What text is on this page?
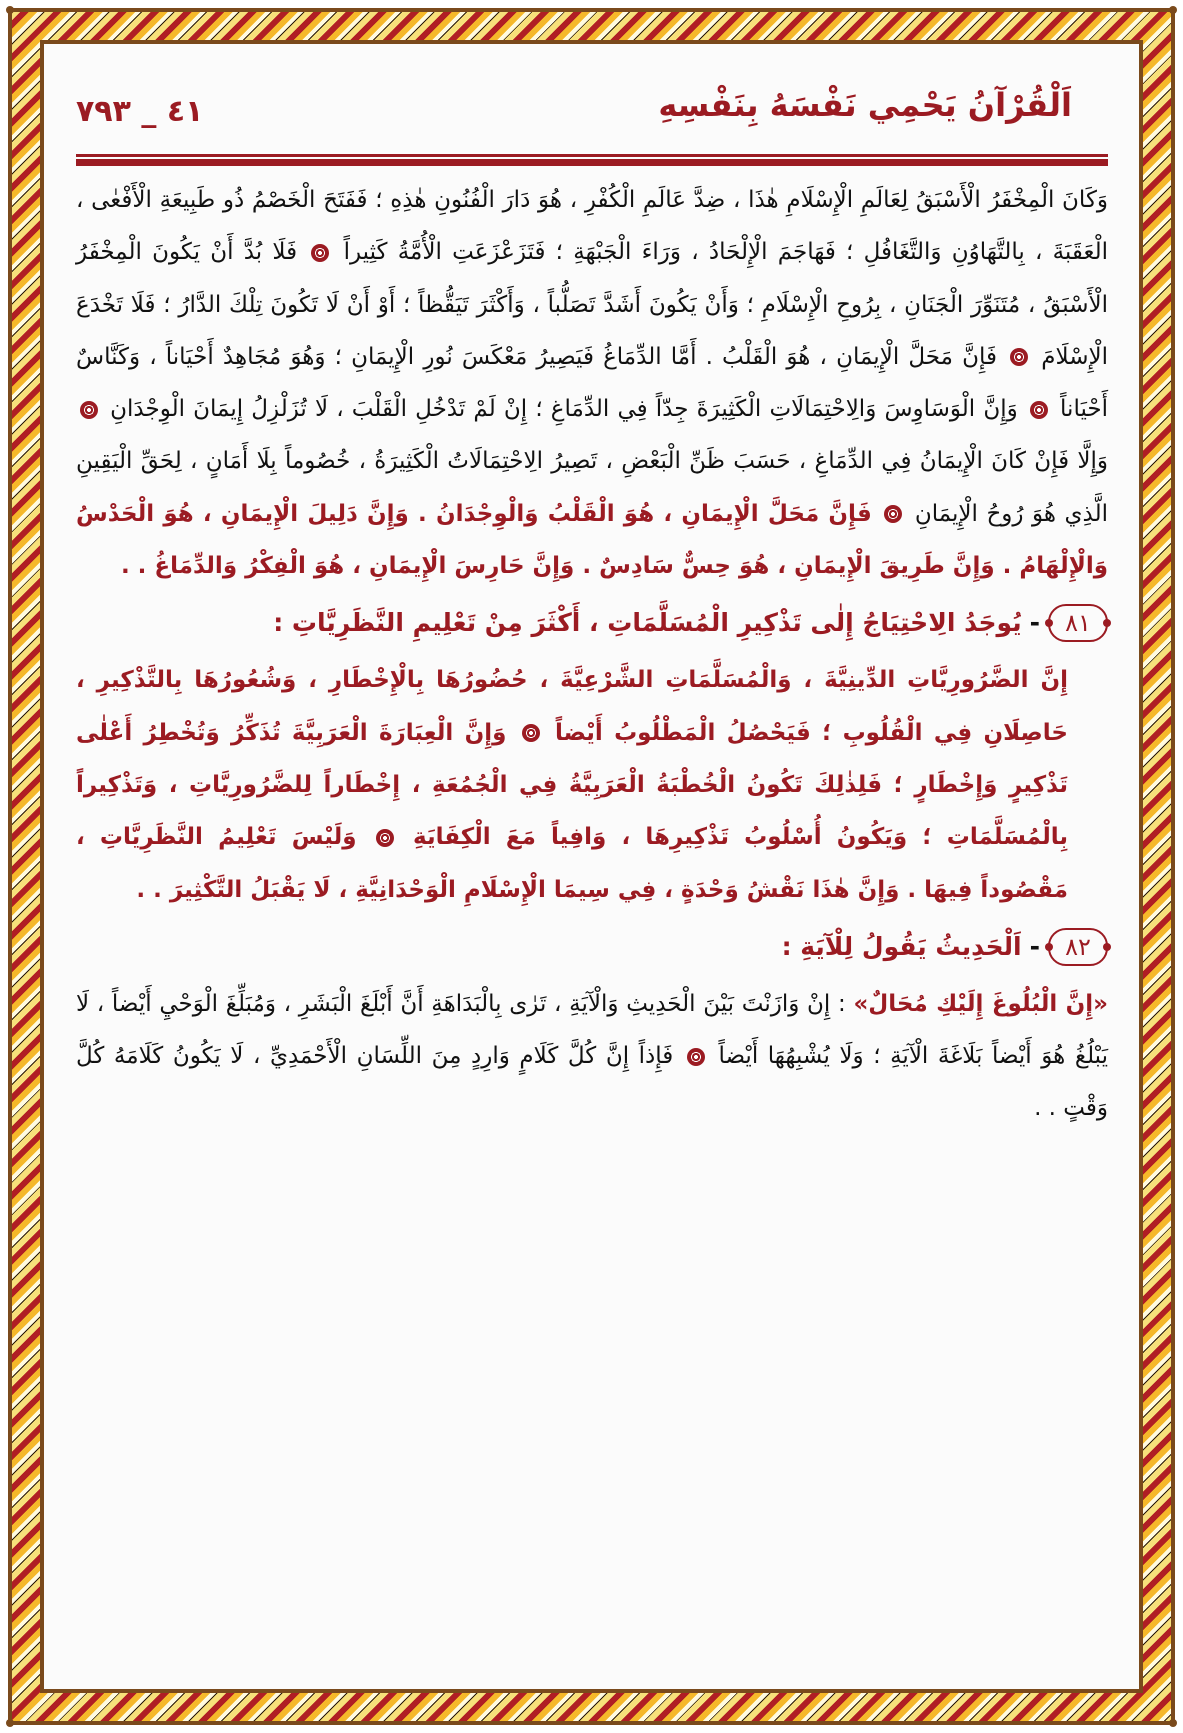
٤١ _ ٧٩٣	اَلْقُرْآنُ يَحْمِي نَفْسَهُ بِنَفْسِهِ

وَكَانَ الْمِخْفَرُ الْأَسْبَقُ لِعَالَمِ الْإِسْلَامِ هٰذَا ، ضِدَّ عَالَمِ الْكُفْرِ ، هُوَ دَارَ الْفُنُونِ هٰذِهِ ؛ فَفَتَحَ الْخَصْمُ ذُو طَبِيعَةِ الْأَفْعٰى ، الْعَقَبَةَ ، بِالتَّهَاوُنِ وَالتَّغَافُلِ ؛ فَهَاجَمَ الْإِلْحَادُ ، وَرَاءَ الْجَبْهَةِ ؛ فَتَزَعْزَعَتِ الْأُمَّةُ كَثِيراً  فَلَا بُدَّ أَنْ يَكُونَ الْمِخْفَرُ الْأَسْبَقُ ، مُتَنَوِّرَ الْجَنَانِ ، بِرُوحِ الْإِسْلَامِ ؛ وَأَنْ يَكُونَ أَشَدَّ تَصَلُّباً ، وَأَكْثَرَ تَيَقُّظاً ؛ أَوْ أَنْ لَا تَكُونَ تِلْكَ الدَّارُ ؛ فَلَا تَخْدَعَ الْإِسْلَامَ  فَإِنَّ مَحَلَّ الْإِيمَانِ ، هُوَ الْقَلْبُ . أَمَّا الدِّمَاغُ فَيَصِيرُ مَعْكَسَ نُورِ الْإِيمَانِ ؛ وَهُوَ مُجَاهِدٌ أَحْيَاناً ، وَكَنَّاسٌ أَحْيَاناً  وَإِنَّ الْوَسَاوِسَ وَالِاحْتِمَالَاتِ الْكَثِيرَةَ جِدّاً فِي الدِّمَاغِ ؛ إِنْ لَمْ تَدْخُلِ الْقَلْبَ ، لَا تُزَلْزِلُ إِيمَانَ الْوِجْدَانِ  وَإِلَّا فَإِنْ كَانَ الْإِيمَانُ فِي الدِّمَاغِ ، حَسَبَ ظَنِّ الْبَعْضِ ، تَصِيرُ الِاحْتِمَالَاتُ الْكَثِيرَةُ ، خُصُوماً بِلَا أَمَانٍ ، لِحَقِّ الْيَقِينِ الَّذِي هُوَ رُوحُ الْإِيمَانِ  فَإِنَّ مَحَلَّ الْإِيمَانِ ، هُوَ الْقَلْبُ وَالْوِجْدَانُ . وَإِنَّ دَلِيلَ الْإِيمَانِ ، هُوَ الْحَدْسُ وَالْإِلْهَامُ . وَإِنَّ طَرِيقَ الْإِيمَانِ ، هُوَ حِسٌّ سَادِسٌ . وَإِنَّ حَارِسَ الْإِيمَانِ ، هُوَ الْفِكْرُ وَالدِّمَاغُ . .

٨١
-
يُوجَدُ الِاحْتِيَاجُ إِلٰى تَذْكِيرِ الْمُسَلَّمَاتِ ، أَكْثَرَ مِنْ تَعْلِيمِ النَّظَرِيَّاتِ :

إِنَّ الضَّرُورِيَّاتِ الدِّينِيَّةَ ، وَالْمُسَلَّمَاتِ الشَّرْعِيَّةَ ، حُضُورُهَا بِالْإِخْطَارِ ، وَشُعُورُهَا بِالتَّذْكِيرِ ، حَاصِلَانِ فِي الْقُلُوبِ ؛ فَيَحْصُلُ الْمَطْلُوبُ أَيْضاً  وَإِنَّ الْعِبَارَةَ الْعَرَبِيَّةَ تُذَكِّرُ وَتُخْطِرُ أَعْلٰى تَذْكِيرٍ وَإِخْطَارٍ ؛ فَلِذٰلِكَ تَكُونُ الْخُطْبَةُ الْعَرَبِيَّةُ فِي الْجُمُعَةِ ، إِخْطَاراً لِلضَّرُورِيَّاتِ ، وَتَذْكِيراً بِالْمُسَلَّمَاتِ ؛ وَيَكُونُ أُسْلُوبُ تَذْكِيرِهَا ، وَافِياً مَعَ الْكِفَايَةِ  وَلَيْسَ تَعْلِيمُ النَّظَرِيَّاتِ ، مَقْصُوداً فِيهَا . وَإِنَّ هٰذَا نَقْشُ وَحْدَةٍ ، فِي سِيمَا الْإِسْلَامِ الْوَحْدَانِيَّةِ ، لَا يَقْبَلُ التَّكْثِيرَ . .

٨٢
-
اَلْحَدِيثُ يَقُولُ لِلْآيَةِ :

«إِنَّ الْبُلُوغَ إِلَيْكِ مُحَالٌ» : إِنْ وَازَنْتَ بَيْنَ الْحَدِيثِ وَالْآيَةِ ، تَرٰى بِالْبَدَاهَةِ أَنَّ أَبْلَغَ الْبَشَرِ ، وَمُبَلِّغَ الْوَحْيِ أَيْضاً ، لَا يَبْلُغُ هُوَ أَيْضاً بَلَاغَةَ الْآيَةِ ؛ وَلَا يُشْبِهُهَا أَيْضاً  فَإِذاً إِنَّ كُلَّ كَلَامٍ وَارِدٍ مِنَ اللِّسَانِ الْأَحْمَدِيِّ ، لَا يَكُونُ كَلَامَهُ كُلَّ وَقْتٍ . .
